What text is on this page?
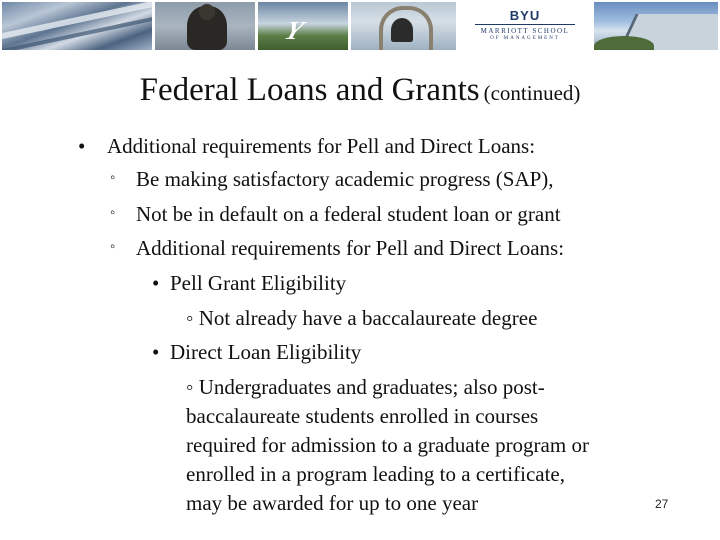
Y
BYU
MARRIOTT SCHOOL
OF MANAGEMENT
Federal Loans and Grants (continued)
• Additional requirements for Pell and Direct Loans:
◦ Be making satisfactory academic progress (SAP),
◦ Not be in default on a federal student loan or grant
◦ Additional requirements for Pell and Direct Loans:
• Pell Grant Eligibility
◦ Not already have a baccalaureate degree
• Direct Loan Eligibility
◦ Undergraduates and graduates; also post-
baccalaureate students enrolled in courses
required for admission to a graduate program or
enrolled in a program leading to a certificate,
may be awarded for up to one year	27
